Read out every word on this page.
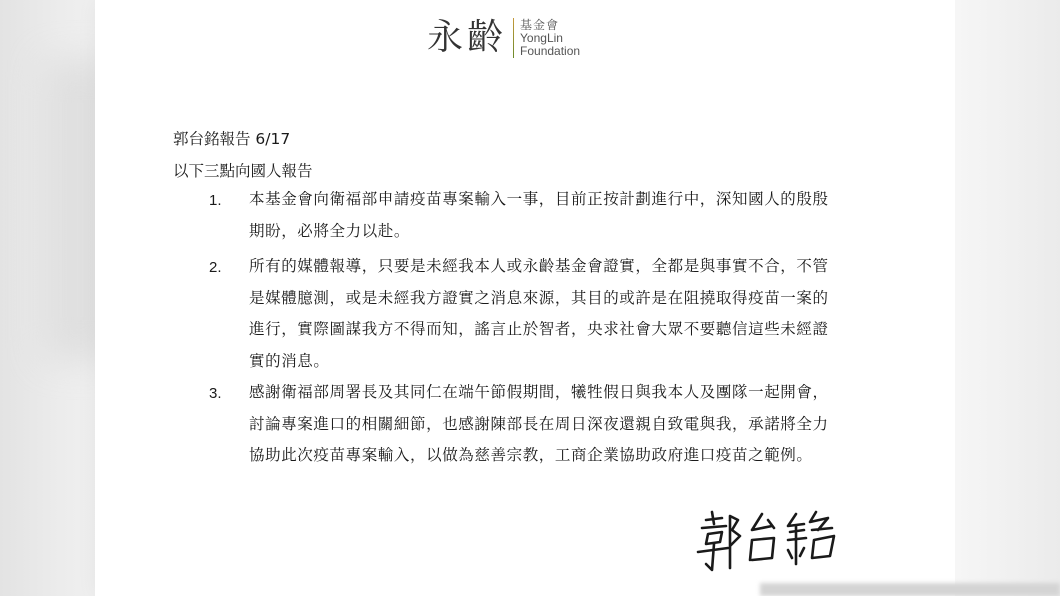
永齡 基金會
YongLin
Foundation
郭台銘報告 6/17
以下三點向國人報告
1. 本基金會向衛福部申請疫苗專案輸入一事，目前正按計劃進行中，深知國人的殷殷
期盼，必將全力以赴。
2. 所有的媒體報導，只要是未經我本人或永齡基金會證實，全都是與事實不合，不管
是媒體臆測，或是未經我方證實之消息來源，其目的或許是在阻撓取得疫苗一案的
進行，實際圖謀我方不得而知，謠言止於智者，央求社會大眾不要聽信這些未經證
實的消息。
3. 感謝衛福部周署長及其同仁在端午節假期間，犧牲假日與我本人及團隊一起開會，
討論專案進口的相關細節，也感謝陳部長在周日深夜還親自致電與我，承諾將全力
協助此次疫苗專案輸入，以做為慈善宗教，工商企業協助政府進口疫苗之範例。
